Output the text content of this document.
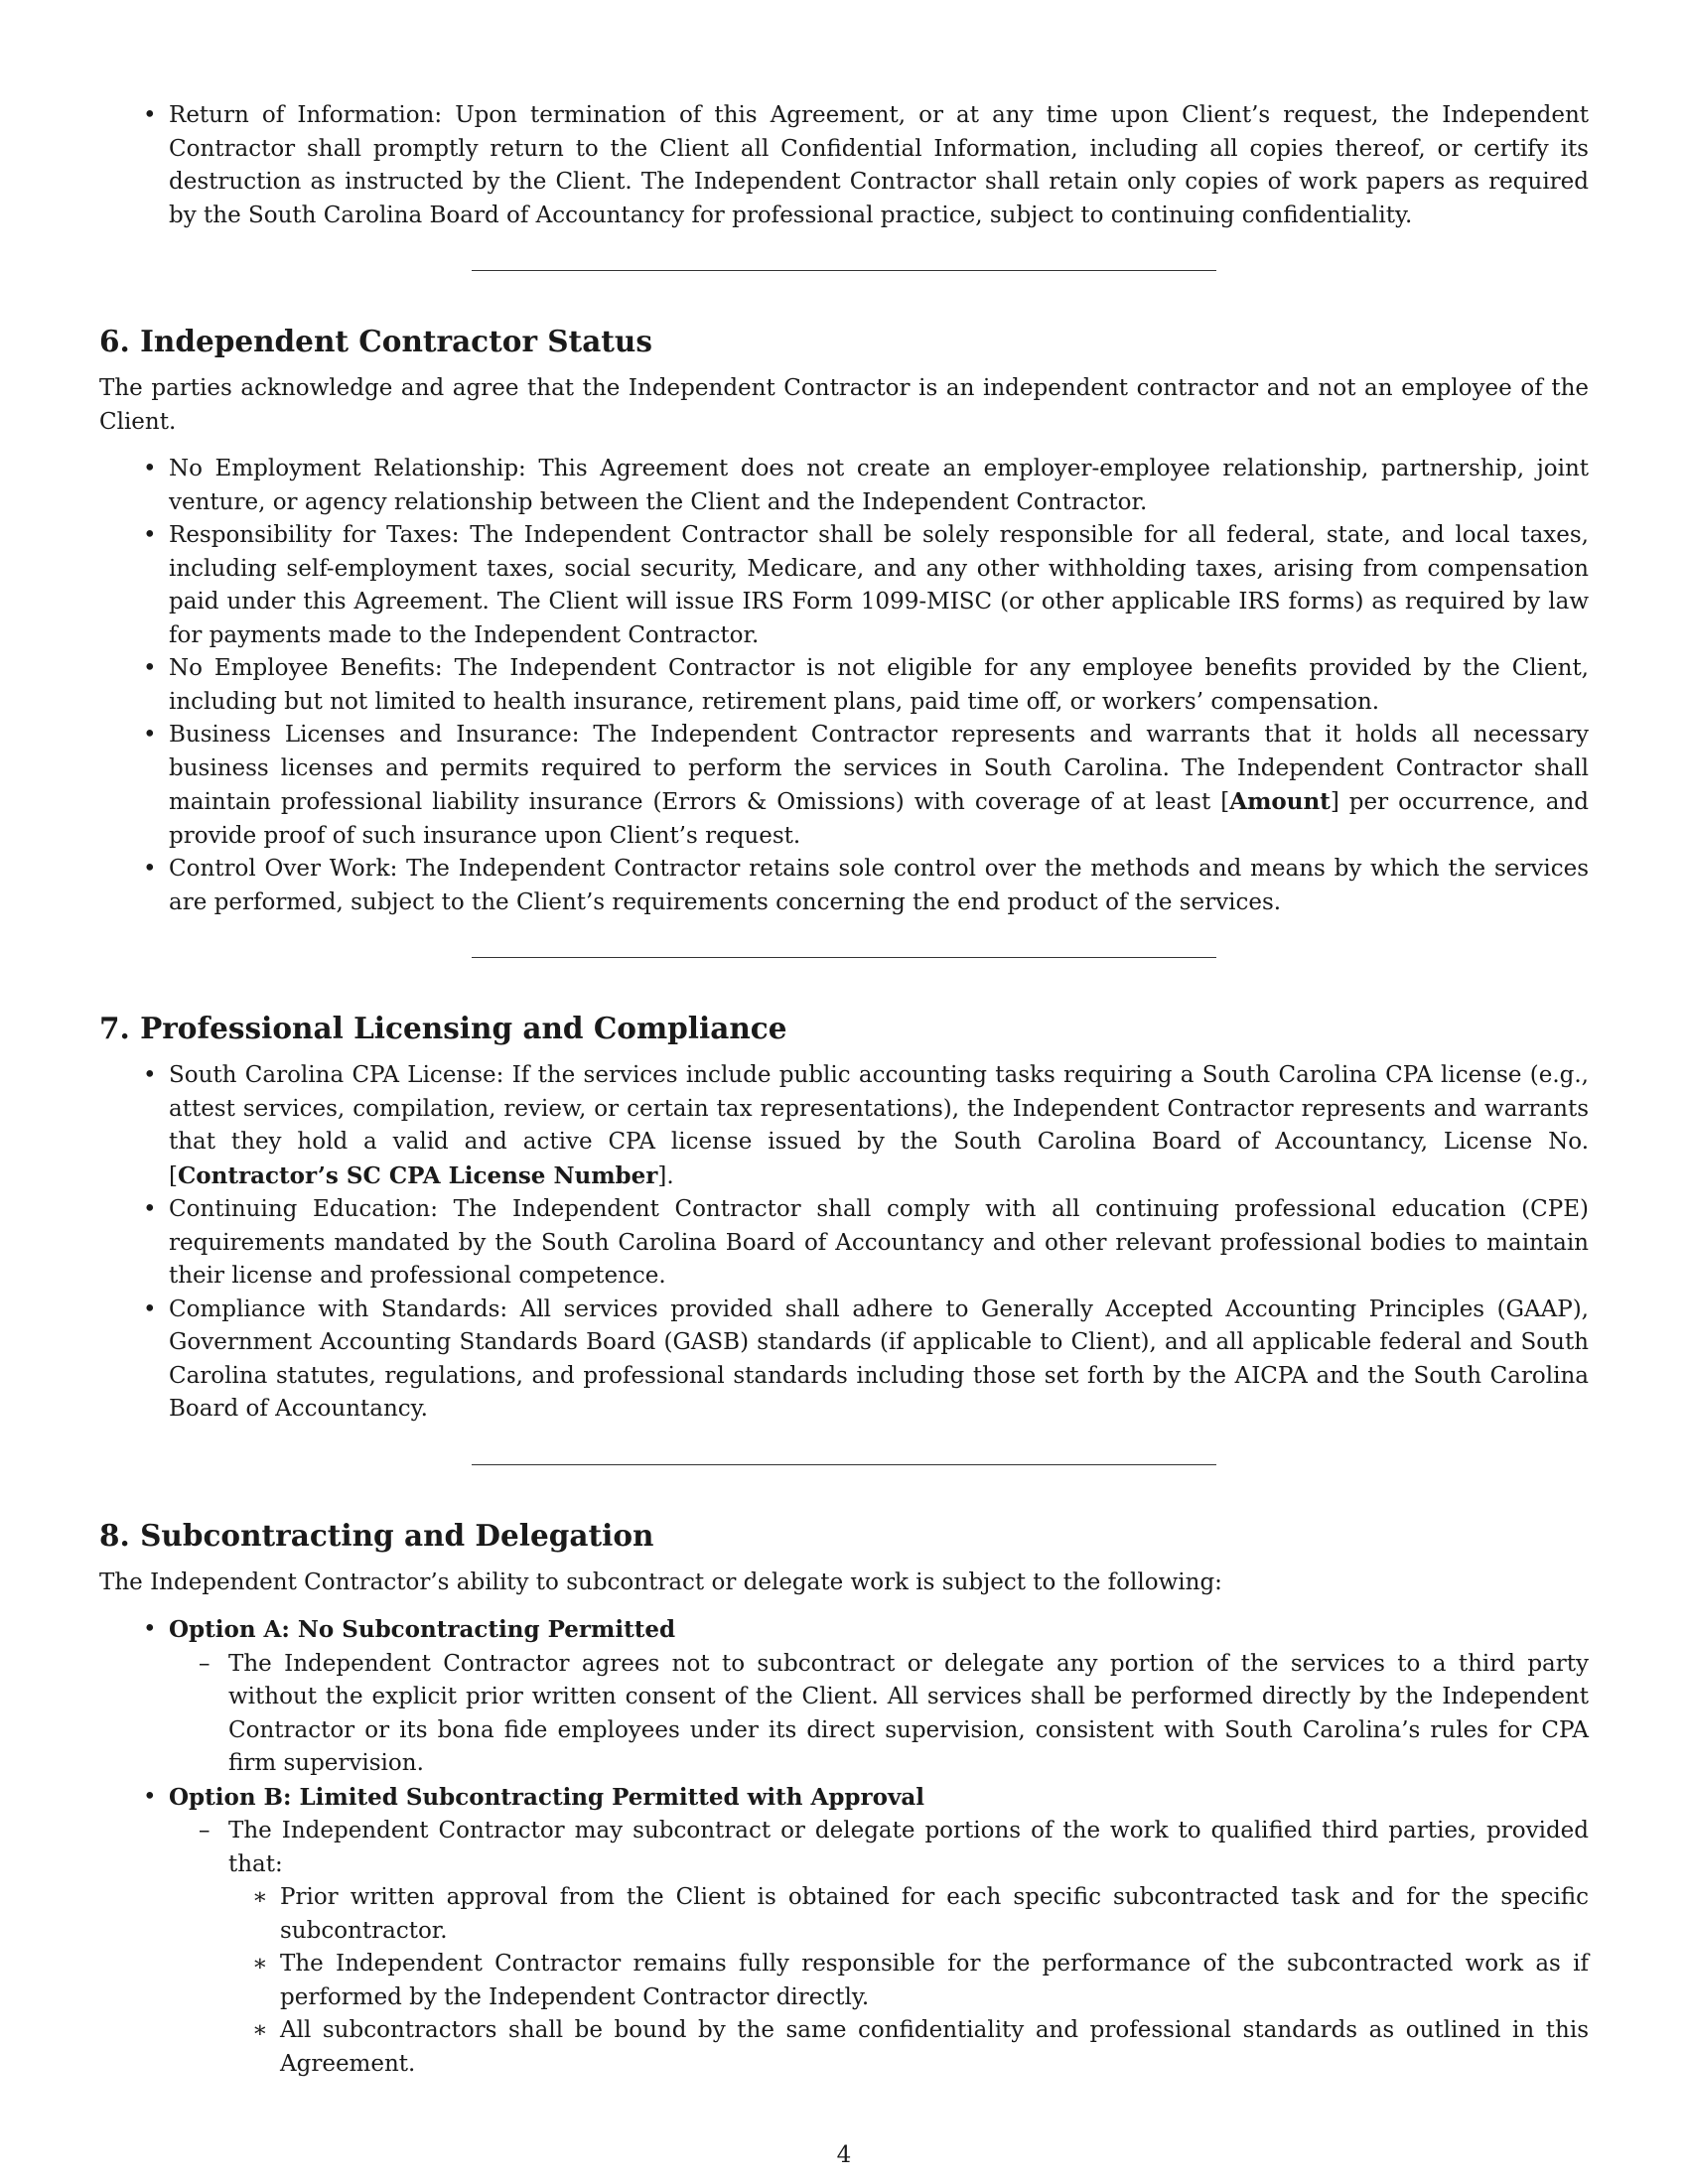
• Return of Information: Upon termination of this Agreement, or at any time upon Client’s request, the Independent Contractor shall promptly return to the Client all Confidential Information, including all copies thereof, or certify its destruction as instructed by the Client. The Independent Contractor shall retain only copies of work papers as required by the South Carolina Board of Accountancy for professional practice, subject to continuing confidentiality.
6. Independent Contractor Status

The parties acknowledge and agree that the Independent Contractor is an independent contractor and not an employee of the Client.

• No Employment Relationship: This Agreement does not create an employer-employee relationship, partnership, joint venture, or agency relationship between the Client and the Independent Contractor.
• Responsibility for Taxes: The Independent Contractor shall be solely responsible for all federal, state, and local taxes, including self-employment taxes, social security, Medicare, and any other withholding taxes, arising from compensation paid under this Agreement. The Client will issue IRS Form 1099-MISC (or other applicable IRS forms) as required by law for payments made to the Independent Contractor.
• No Employee Benefits: The Independent Contractor is not eligible for any employee benefits provided by the Client, including but not limited to health insurance, retirement plans, paid time off, or workers’ compensation.
• Business Licenses and Insurance: The Independent Contractor represents and warrants that it holds all necessary business licenses and permits required to perform the services in South Carolina. The Independent Contractor shall maintain professional liability insurance (Errors & Omissions) with coverage of at least [Amount] per occurrence, and provide proof of such insurance upon Client’s request.
• Control Over Work: The Independent Contractor retains sole control over the methods and means by which the services are performed, subject to the Client’s requirements concerning the end product of the services.
7. Professional Licensing and Compliance
• South Carolina CPA License: If the services include public accounting tasks requiring a South Carolina CPA license (e.g., attest services, compilation, review, or certain tax representations), the Independent Contractor represents and warrants that they hold a valid and active CPA license issued by the South Carolina Board of Accountancy, License No. [Contractor’s SC CPA License Number].
• Continuing Education: The Independent Contractor shall comply with all continuing professional education (CPE) requirements mandated by the South Carolina Board of Accountancy and other relevant professional bodies to maintain their license and professional competence.
• Compliance with Standards: All services provided shall adhere to Generally Accepted Accounting Principles (GAAP), Government Accounting Standards Board (GASB) standards (if applicable to Client), and all applicable federal and South Carolina statutes, regulations, and professional standards including those set forth by the AICPA and the South Carolina Board of Accountancy.
8. Subcontracting and Delegation

The Independent Contractor’s ability to subcontract or delegate work is subject to the following:

• Option A: No Subcontracting Permitted
– The Independent Contractor agrees not to subcontract or delegate any portion of the services to a third party without the explicit prior written consent of the Client. All services shall be performed directly by the Independent Contractor or its bona fide employees under its direct supervision, consistent with South Carolina’s rules for CPA firm supervision.
• Option B: Limited Subcontracting Permitted with Approval
– The Independent Contractor may subcontract or delegate portions of the work to qualified third parties, provided that:
∗ Prior written approval from the Client is obtained for each specific subcontracted task and for the specific subcontractor.
∗ The Independent Contractor remains fully responsible for the performance of the subcontracted work as if performed by the Independent Contractor directly.
∗ All subcontractors shall be bound by the same confidentiality and professional standards as outlined in this Agreement.
4
